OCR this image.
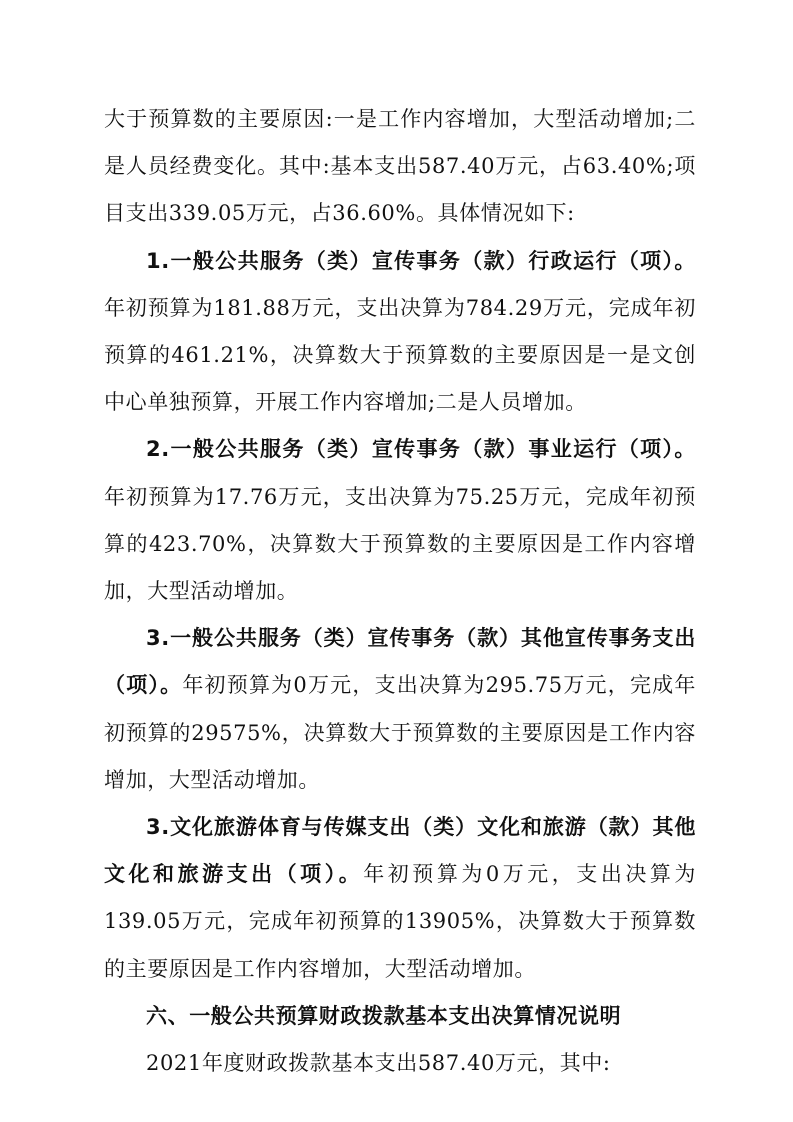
大于预算数的主要原因:一是工作内容增加，大型活动增加;二是人员经费变化。其中:基本支出587.40万元，占63.40%;项目支出339.05万元，占36.60%。具体情况如下:

1.一般公共服务（类）宣传事务（款）行政运行（项）。年初预算为181.88万元，支出决算为784.29万元，完成年初预算的461.21%，决算数大于预算数的主要原因是一是文创中心单独预算，开展工作内容增加;二是人员增加。

2.一般公共服务（类）宣传事务（款）事业运行（项）。年初预算为17.76万元，支出决算为75.25万元，完成年初预算的423.70%，决算数大于预算数的主要原因是工作内容增加，大型活动增加。

3.一般公共服务（类）宣传事务（款）其他宣传事务支出（项）。年初预算为0万元，支出决算为295.75万元，完成年初预算的29575%，决算数大于预算数的主要原因是工作内容增加，大型活动增加。

3.文化旅游体育与传媒支出（类）文化和旅游（款）其他文化和旅游支出（项）。年初预算为0万元，支出决算为139.05万元，完成年初预算的13905%，决算数大于预算数的主要原因是工作内容增加，大型活动增加。

六、一般公共预算财政拨款基本支出决算情况说明

2021年度财政拨款基本支出587.40万元，其中:
